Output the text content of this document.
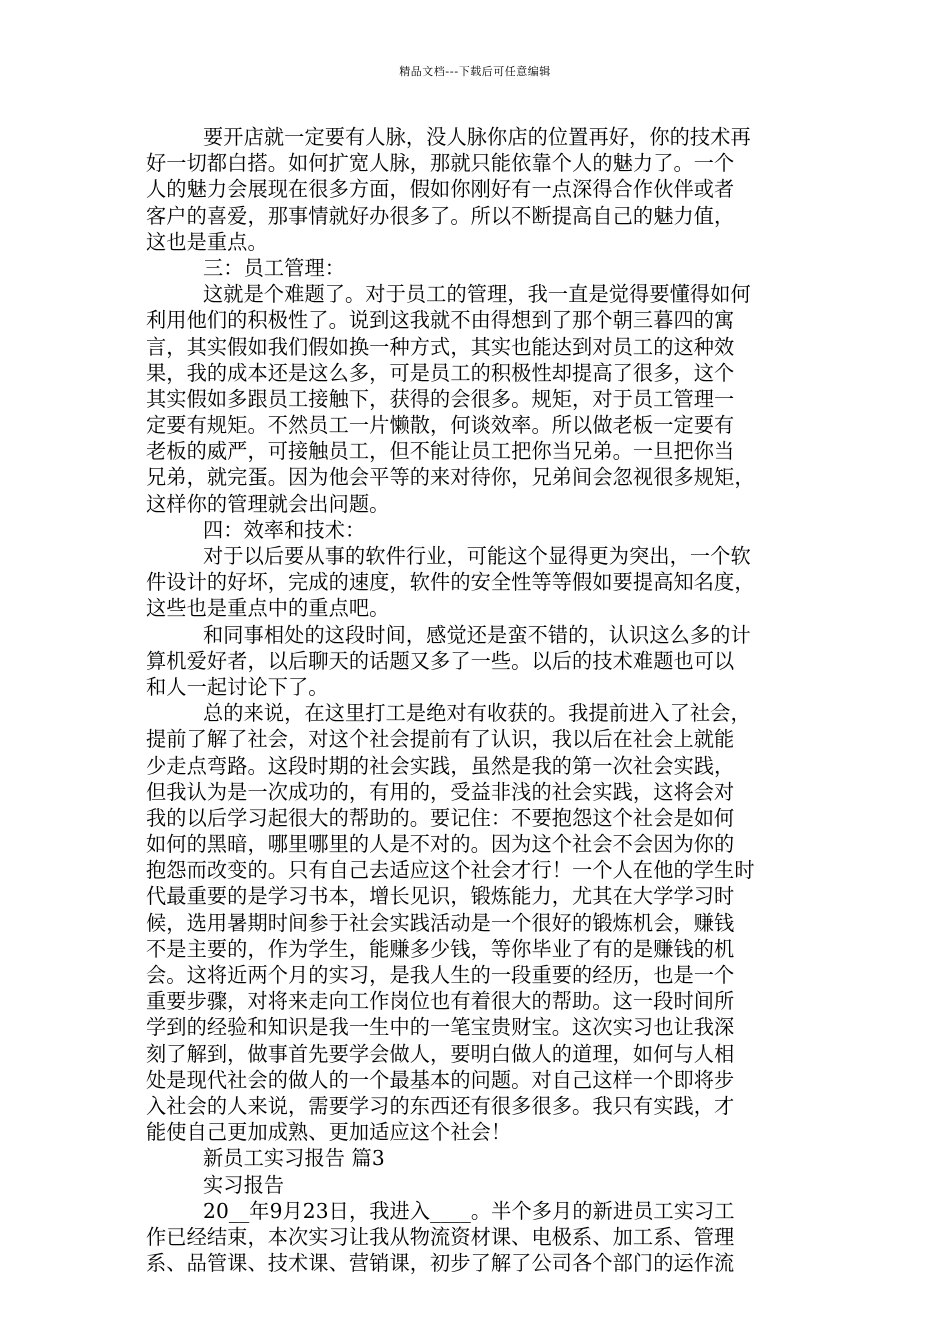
精品文档---下载后可任意编辑
要开店就一定要有人脉，没人脉你店的位置再好，你的技术再
好一切都白搭。如何扩宽人脉，那就只能依靠个人的魅力了。一个
人的魅力会展现在很多方面，假如你刚好有一点深得合作伙伴或者
客户的喜爱，那事情就好办很多了。所以不断提高自己的魅力值，
这也是重点。
三：员工管理：
这就是个难题了。对于员工的管理，我一直是觉得要懂得如何
利用他们的积极性了。说到这我就不由得想到了那个朝三暮四的寓
言，其实假如我们假如换一种方式，其实也能达到对员工的这种效
果，我的成本还是这么多，可是员工的积极性却提高了很多，这个
其实假如多跟员工接触下，获得的会很多。规矩，对于员工管理一
定要有规矩。不然员工一片懒散，何谈效率。所以做老板一定要有
老板的威严，可接触员工，但不能让员工把你当兄弟。一旦把你当
兄弟，就完蛋。因为他会平等的来对待你，兄弟间会忽视很多规矩，
这样你的管理就会出问题。
四：效率和技术：
对于以后要从事的软件行业，可能这个显得更为突出，一个软
件设计的好坏，完成的速度，软件的安全性等等假如要提高知名度，
这些也是重点中的重点吧。
和同事相处的这段时间，感觉还是蛮不错的，认识这么多的计
算机爱好者，以后聊天的话题又多了一些。以后的技术难题也可以
和人一起讨论下了。
总的来说，在这里打工是绝对有收获的。我提前进入了社会，
提前了解了社会，对这个社会提前有了认识，我以后在社会上就能
少走点弯路。这段时期的社会实践，虽然是我的第一次社会实践，
但我认为是一次成功的，有用的，受益非浅的社会实践，这将会对
我的以后学习起很大的帮助的。要记住：不要抱怨这个社会是如何
如何的黑暗，哪里哪里的人是不对的。因为这个社会不会因为你的
抱怨而改变的。只有自己去适应这个社会才行！一个人在他的学生时
代最重要的是学习书本，增长见识，锻炼能力，尤其在大学学习时
候，选用暑期时间参于社会实践活动是一个很好的锻炼机会，赚钱
不是主要的，作为学生，能赚多少钱，等你毕业了有的是赚钱的机
会。这将近两个月的实习，是我人生的一段重要的经历，也是一个
重要步骤，对将来走向工作岗位也有着很大的帮助。这一段时间所
学到的经验和知识是我一生中的一笔宝贵财宝。这次实习也让我深
刻了解到，做事首先要学会做人，要明白做人的道理，如何与人相
处是现代社会的做人的一个最基本的问题。对自己这样一个即将步
入社会的人来说，需要学习的东西还有很多很多。我只有实践，才
能使自己更加成熟、更加适应这个社会！
新员工实习报告 篇3
实习报告
20__年9月23日，我进入____。半个多月的新进员工实习工
作已经结束，本次实习让我从物流资材课、电极系、加工系、管理
系、品管课、技术课、营销课，初步了解了公司各个部门的运作流
